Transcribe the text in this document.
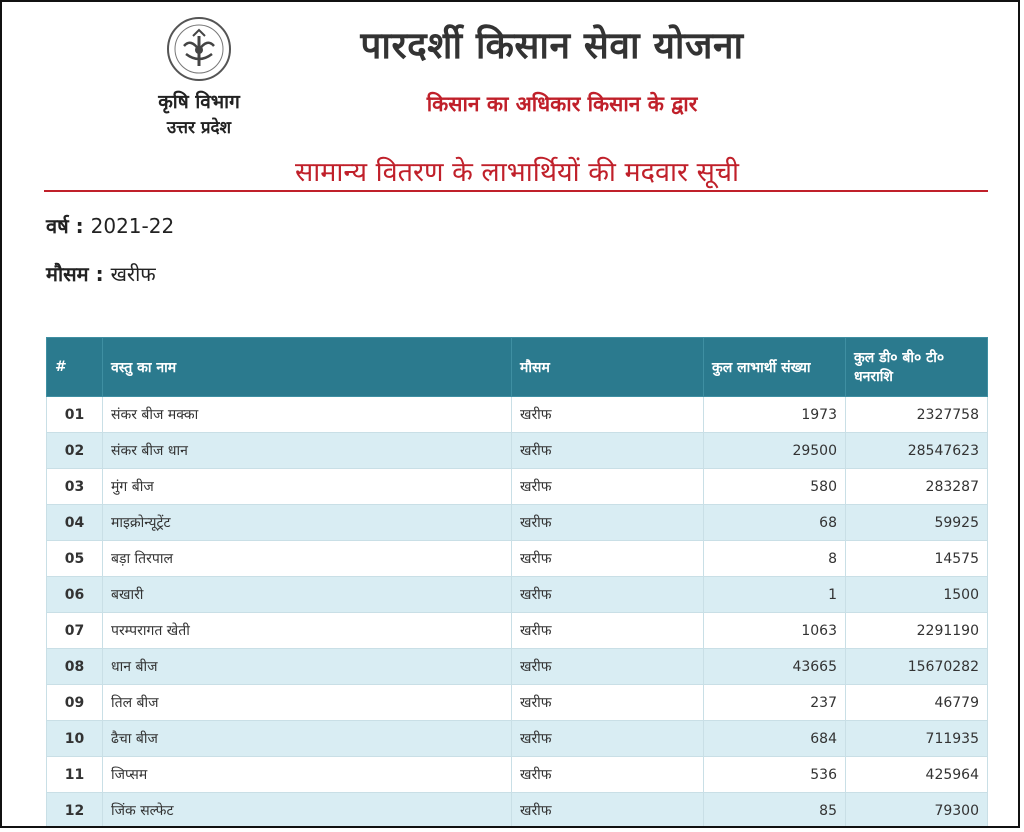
कृषि विभाग
उत्तर प्रदेश
पारदर्शी किसान सेवा योजना
किसान का अधिकार किसान के द्वार
सामान्य वितरण के लाभार्थियों की मदवार सूची
वर्ष : 2021-22
मौसम : खरीफ
#	वस्तु का नाम	मौसम	कुल लाभार्थी संख्या	कुल डी० बी० टी० धनराशि
01	संकर बीज मक्का	खरीफ	1973	2327758
02	संकर बीज धान	खरीफ	29500	28547623
03	मुंग बीज	खरीफ	580	283287
04	माइक्रोन्यूट्रेंट	खरीफ	68	59925
05	बड़ा तिरपाल	खरीफ	8	14575
06	बखारी	खरीफ	1	1500
07	परम्परागत खेती	खरीफ	1063	2291190
08	धान बीज	खरीफ	43665	15670282
09	तिल बीज	खरीफ	237	46779
10	ढैचा बीज	खरीफ	684	711935
11	जिप्सम	खरीफ	536	425964
12	जिंक सल्फेट	खरीफ	85	79300
